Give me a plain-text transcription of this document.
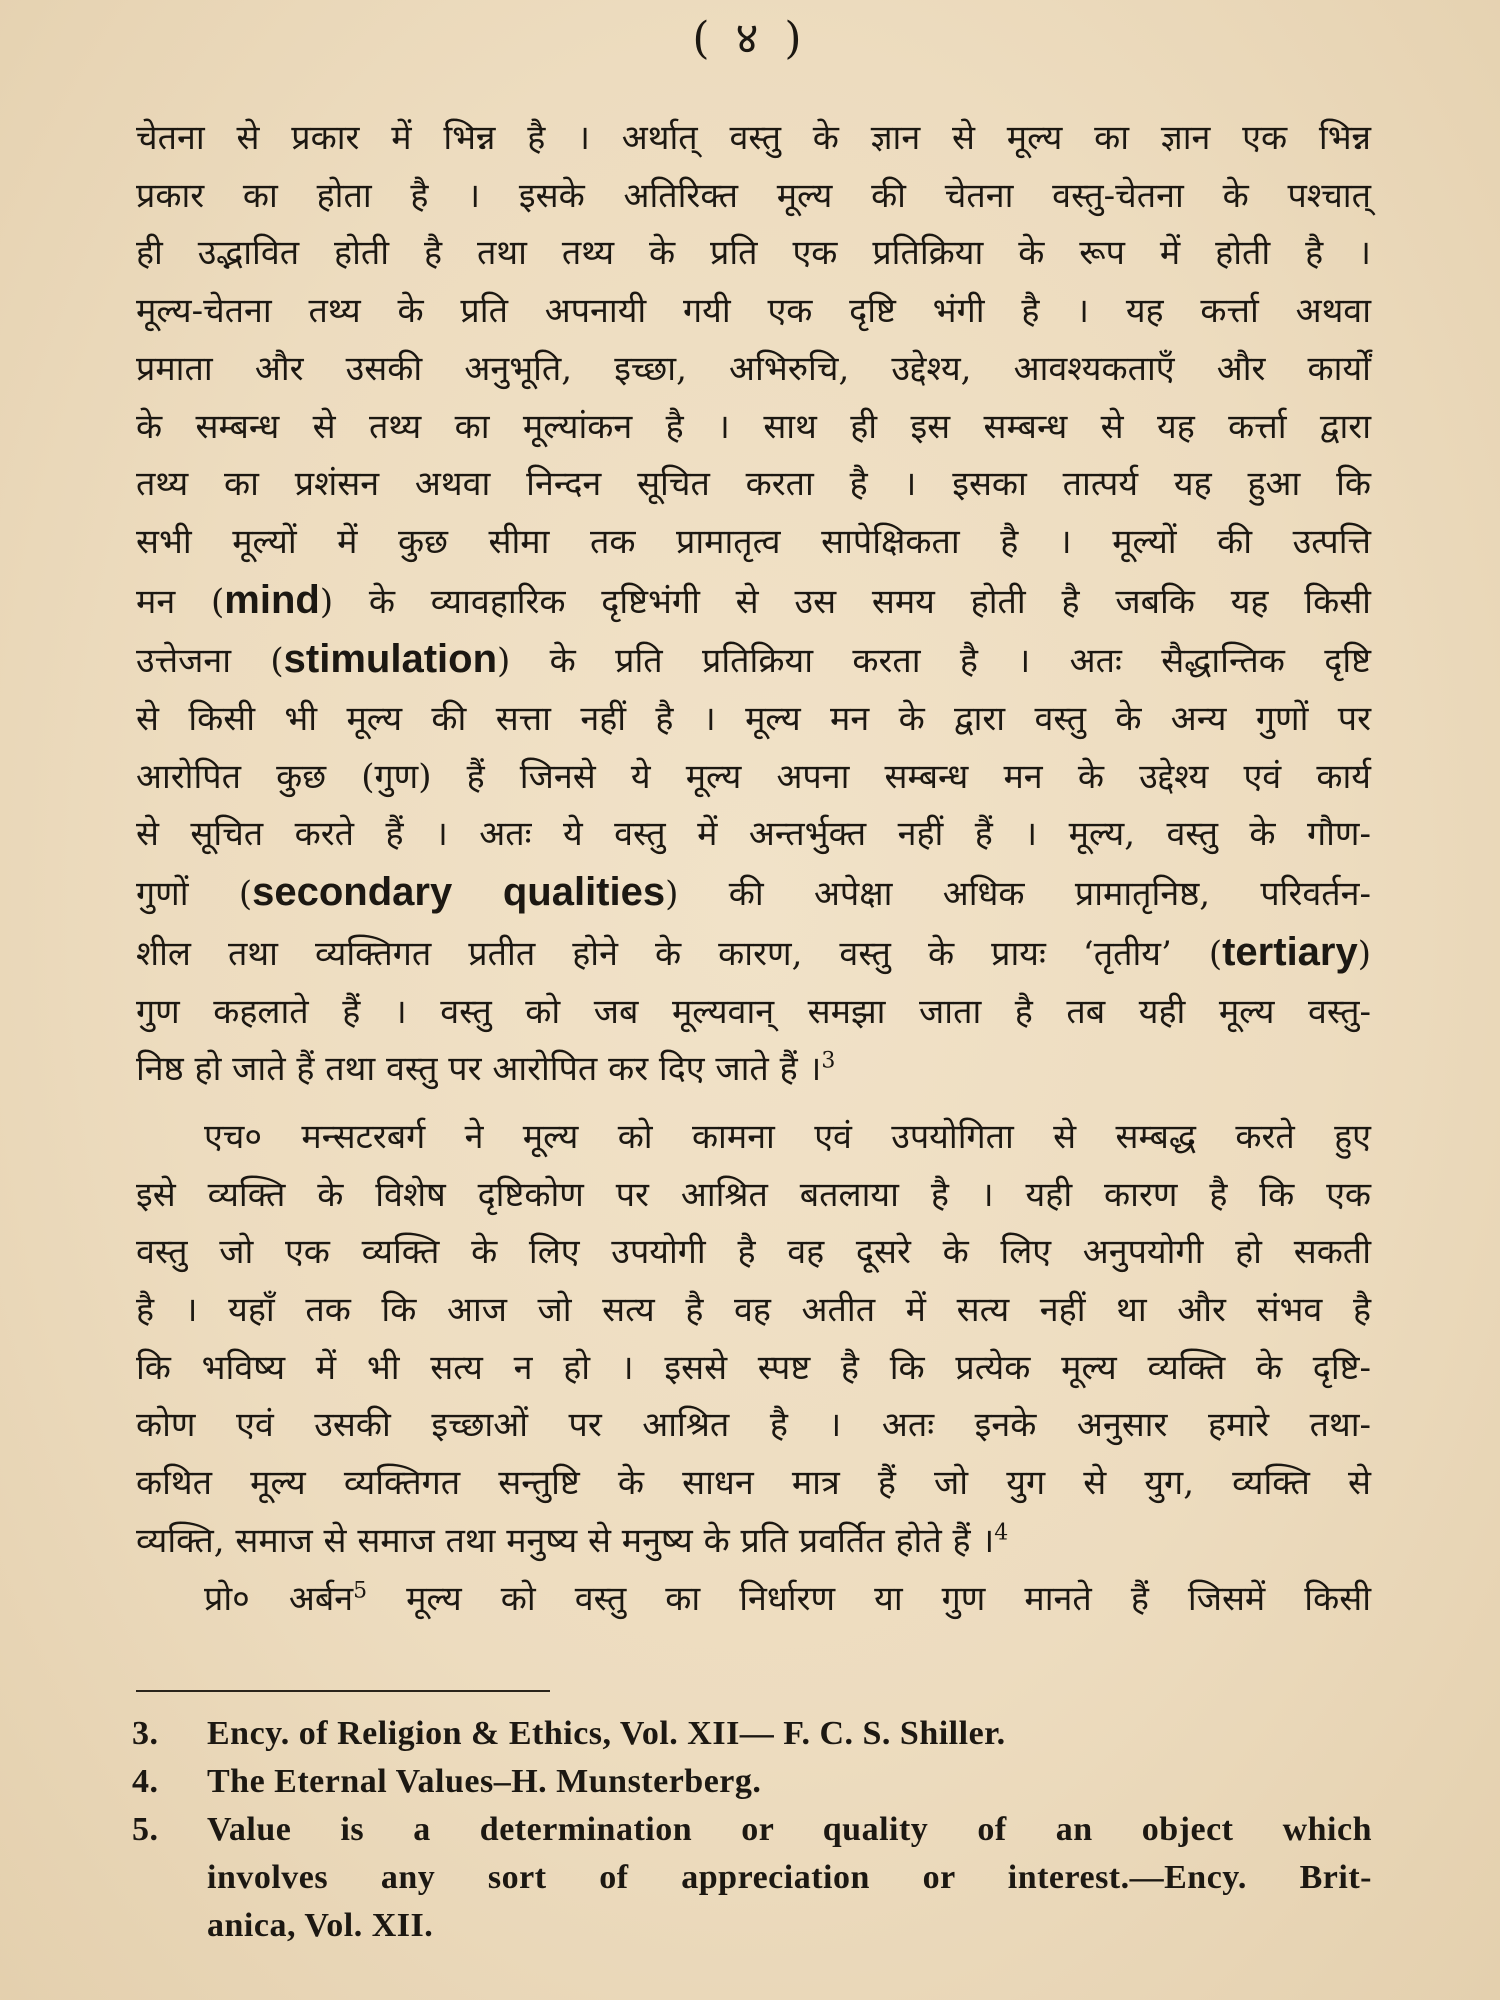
( ४ )
चेतना से प्रकार में भिन्न है । अर्थात् वस्तु के ज्ञान से मूल्य का ज्ञान एक भिन्न
प्रकार का होता है । इसके अतिरिक्त मूल्य की चेतना वस्तु-चेतना के पश्चात्
ही उद्भावित होती है तथा तथ्य के प्रति एक प्रतिक्रिया के रूप में होती है ।
मूल्य-चेतना तथ्य के प्रति अपनायी गयी एक दृष्टि भंगी है । यह कर्त्ता अथवा
प्रमाता और उसकी अनुभूति, इच्छा, अभिरुचि, उद्देश्य, आवश्यकताएँ और कार्यों
के सम्बन्ध से तथ्य का मूल्यांकन है । साथ ही इस सम्बन्ध से यह कर्त्ता द्वारा
तथ्य का प्रशंसन अथवा निन्दन सूचित करता है । इसका तात्पर्य यह हुआ कि
सभी मूल्यों में कुछ सीमा तक प्रामातृत्व सापेक्षिकता है । मूल्यों की उत्पत्ति
मन (mind) के व्यावहारिक दृष्टिभंगी से उस समय होती है जबकि यह किसी
उत्तेजना (stimulation) के प्रति प्रतिक्रिया करता है । अतः सैद्धान्तिक दृष्टि
से किसी भी मूल्य की सत्ता नहीं है । मूल्य मन के द्वारा वस्तु के अन्य गुणों पर
आरोपित कुछ (गुण) हैं जिनसे ये मूल्य अपना सम्बन्ध मन के उद्देश्य एवं कार्य
से सूचित करते हैं । अतः ये वस्तु में अन्तर्भुक्त नहीं हैं । मूल्य, वस्तु के गौण-
गुणों (secondary qualities) की अपेक्षा अधिक प्रामातृनिष्ठ, परिवर्तन-
शील तथा व्यक्तिगत प्रतीत होने के कारण, वस्तु के प्रायः ‘तृतीय’ (tertiary)
गुण कहलाते हैं । वस्तु को जब मूल्यवान् समझा जाता है तब यही मूल्य वस्तु-
निष्ठ हो जाते हैं तथा वस्तु पर आरोपित कर दिए जाते हैं ।$^3$
एच० मन्सटरबर्ग ने मूल्य को कामना एवं उपयोगिता से सम्बद्ध करते हुए
इसे व्यक्ति के विशेष दृष्टिकोण पर आश्रित बतलाया है । यही कारण है कि एक
वस्तु जो एक व्यक्ति के लिए उपयोगी है वह दूसरे के लिए अनुपयोगी हो सकती
है । यहाँ तक कि आज जो सत्य है वह अतीत में सत्य नहीं था और संभव है
कि भविष्य में भी सत्य न हो । इससे स्पष्ट है कि प्रत्येक मूल्य व्यक्ति के दृष्टि-
कोण एवं उसकी इच्छाओं पर आश्रित है । अतः इनके अनुसार हमारे तथा-
कथित मूल्य व्यक्तिगत सन्तुष्टि के साधन मात्र हैं जो युग से युग, व्यक्ति से
व्यक्ति, समाज से समाज तथा मनुष्य से मनुष्य के प्रति प्रवर्तित होते हैं ।$^4$
प्रो० अर्बन$^5$ मूल्य को वस्तु का निर्धारण या गुण मानते हैं जिसमें किसी
3.	Ency. of Religion & Ethics, Vol. XII— F. C. S. Shiller.
4.	The Eternal Values–H. Munsterberg.
5.	Value is a determination or quality of an object which
involves any sort of appreciation or interest.—Ency. Brit-
anica, Vol. XII.
